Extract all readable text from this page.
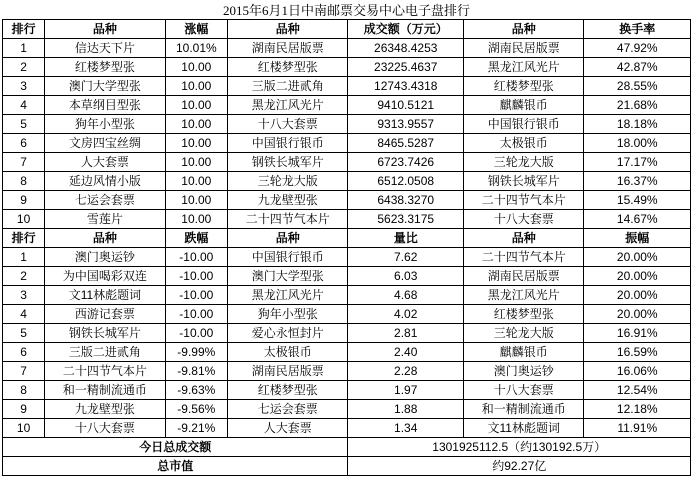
2015年6月1日中南邮票交易中心电子盘排行
排行	品种	涨幅	品种	成交额（万元）	品种	换手率
1	信达天下片	10.01%	湖南民居版票	26348.4253	湖南民居版票	47.92%
2	红楼梦型张	10.00	红楼梦型张	23225.4637	黑龙江风光片	42.87%
3	澳门大学型张	10.00	三版二进贰角	12743.4318	红楼梦型张	28.55%
4	本草纲目型张	10.00	黑龙江风光片	9410.5121	麒麟银币	21.68%
5	狗年小型张	10.00	十八大套票	9313.9557	中国银行银币	18.18%
6	文房四宝丝绸	10.00	中国银行银币	8465.5287	太极银币	18.00%
7	人大套票	10.00	钢铁长城军片	6723.7426	三轮龙大版	17.17%
8	延边风情小版	10.00	三轮龙大版	6512.0508	钢铁长城军片	16.37%
9	七运会套票	10.00	九龙壁型张	6438.3270	二十四节气本片	15.49%
10	雪莲片	10.00	二十四节气本片	5623.3175	十八大套票	14.67%
排行	品种	跌幅	品种	量比	品种	振幅
1	澳门奥运钞	-10.00	中国银行银币	7.62	二十四节气本片	20.00%
2	为中国喝彩双连	-10.00	澳门大学型张	6.03	湖南民居版票	20.00%
3	文11林彪题词	-10.00	黑龙江风光片	4.68	黑龙江风光片	20.00%
4	西游记套票	-10.00	狗年小型张	4.02	红楼梦型张	20.00%
5	钢铁长城军片	-10.00	爱心永恒封片	2.81	三轮龙大版	16.91%
6	三版二进贰角	-9.99%	太极银币	2.40	麒麟银币	16.59%
7	二十四节气本片	-9.81%	湖南民居版票	2.28	澳门奥运钞	16.06%
8	和一精制流通币	-9.63%	红楼梦型张	1.97	十八大套票	12.54%
9	九龙壁型张	-9.56%	七运会套票	1.88	和一精制流通币	12.18%
10	十八大套票	-9.21%	人大套票	1.34	文11林彪题词	11.91%
今日总成交额				1301925112.5（约130192.5万）		
总市值				约92.27亿		
